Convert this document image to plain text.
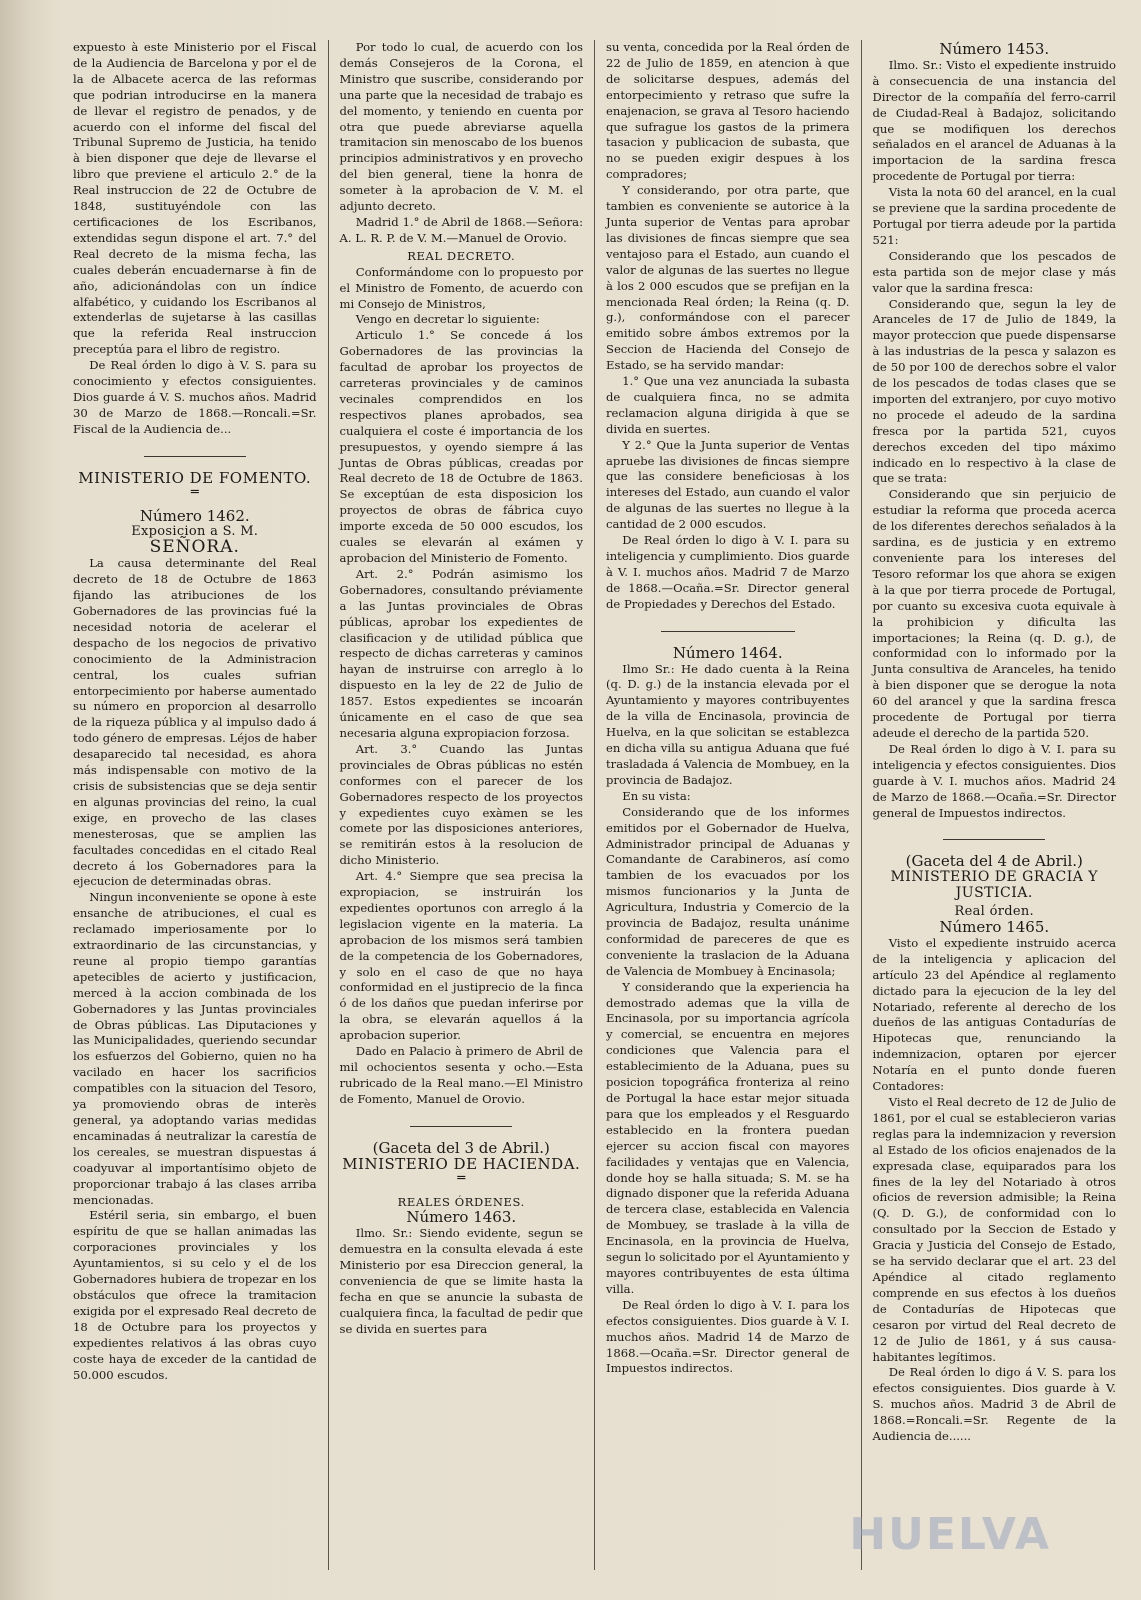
expuesto à este Ministerio por el Fiscal de la Audiencia de Barcelona y por el de la de Albacete acerca de las reformas que podrian introducirse en la manera de llevar el registro de penados, y de acuerdo con el informe del fiscal del Tribunal Supremo de Justicia, ha tenido à bien disponer que deje de llevarse el libro que previene el articulo 2.° de la Real instruccion de 22 de Octubre de 1848, sustituyéndole con las certificaciones de los Escribanos, extendidas segun dispone el art. 7.° del Real decreto de la misma fecha, las cuales deberán encuadernarse à fin de año, adicionándolas con un índice alfabético, y cuidando los Escribanos al extenderlas de sujetarse à las casillas que la referida Real instruccion preceptúa para el libro de registro.

De Real órden lo digo à V. S. para su conocimiento y efectos consiguientes. Dios guarde á V. S. muchos años. Madrid 30 de Marzo de 1868.—Roncali.=Sr. Fiscal de la Audiencia de...

MINISTERIO DE FOMENTO.
═
Número 1462.
Exposicion a S. M.
SEÑORA.

La causa determinante del Real decreto de 18 de Octubre de 1863 fijando las atribuciones de los Gobernadores de las provincias fué la necesidad notoria de acelerar el despacho de los negocios de privativo conocimiento de la Administracion central, los cuales sufrian entorpecimiento por haberse aumentado su número en proporcion al desarrollo de la riqueza pública y al impulso dado á todo género de empresas. Léjos de haber desaparecido tal necesidad, es ahora más indispensable con motivo de la crisis de subsistencias que se deja sentir en algunas provincias del reino, la cual exige, en provecho de las clases menesterosas, que se amplien las facultades concedidas en el citado Real decreto á los Gobernadores para la ejecucion de determinadas obras.

Ningun inconveniente se opone à este ensanche de atribuciones, el cual es reclamado imperiosamente por lo extraordinario de las circunstancias, y reune al propio tiempo garantías apetecibles de acierto y justificacion, merced à la accion combinada de los Gobernadores y las Juntas provinciales de Obras públicas. Las Diputaciones y las Municipalidades, queriendo secundar los esfuerzos del Gobierno, quien no ha vacilado en hacer los sacrificios compatibles con la situacion del Tesoro, ya promoviendo obras de interès general, ya adoptando varias medidas encaminadas á neutralizar la carestía de los cereales, se muestran dispuestas á coadyuvar al importantísimo objeto de proporcionar trabajo á las clases arriba mencionadas.

Estéril seria, sin embargo, el buen espíritu de que se hallan animadas las corporaciones provinciales y los Ayuntamientos, si su celo y el de los Gobernadores hubiera de tropezar en los obstáculos que ofrece la tramitacion exigida por el expresado Real decreto de 18 de Octubre para los proyectos y expedientes relativos á las obras cuyo coste haya de exceder de la cantidad de 50.000 escudos.

Por todo lo cual, de acuerdo con los demás Consejeros de la Corona, el Ministro que suscribe, considerando por una parte que la necesidad de trabajo es del momento, y teniendo en cuenta por otra que puede abreviarse aquella tramitacion sin menoscabo de los buenos principios administrativos y en provecho del bien general, tiene la honra de someter à la aprobacion de V. M. el adjunto decreto.

Madrid 1.° de Abril de 1868.—Señora: A. L. R. P. de V. M.—Manuel de Orovio.

REAL DECRETO.

Conformándome con lo propuesto por el Ministro de Fomento, de acuerdo con mi Consejo de Ministros,

Vengo en decretar lo siguiente:

Articulo 1.° Se concede á los Gobernadores de las provincias la facultad de aprobar los proyectos de carreteras provinciales y de caminos vecinales comprendidos en los respectivos planes aprobados, sea cualquiera el coste é importancia de los presupuestos, y oyendo siempre á las Juntas de Obras públicas, creadas por Real decreto de 18 de Octubre de 1863. Se exceptúan de esta disposicion los proyectos de obras de fábrica cuyo importe exceda de 50 000 escudos, los cuales se elevarán al exámen y aprobacion del Ministerio de Fomento.

Art. 2.° Podrán asimismo los Gobernadores, consultando préviamente a las Juntas provinciales de Obras públicas, aprobar los expedientes de clasificacion y de utilidad pública que respecto de dichas carreteras y caminos hayan de instruirse con arreglo à lo dispuesto en la ley de 22 de Julio de 1857. Estos expedientes se incoarán únicamente en el caso de que sea necesaria alguna expropiacion forzosa.

Art. 3.° Cuando las Juntas provinciales de Obras públicas no estén conformes con el parecer de los Gobernadores respecto de los proyectos y expedientes cuyo exàmen se les comete por las disposiciones anteriores, se remitirán estos à la resolucion de dicho Ministerio.

Art. 4.° Siempre que sea precisa la expropiacion, se instruirán los expedientes oportunos con arreglo á la legislacion vigente en la materia. La aprobacion de los mismos será tambien de la competencia de los Gobernadores, y solo en el caso de que no haya conformidad en el justiprecio de la finca ó de los daños que puedan inferirse por la obra, se elevarán aquellos á la aprobacion superior.

Dado en Palacio à primero de Abril de mil ochocientos sesenta y ocho.—Esta rubricado de la Real mano.—El Ministro de Fomento, Manuel de Orovio.

(Gaceta del 3 de Abril.)
MINISTERIO DE HACIENDA.
═
REALES ÓRDENES.
Número 1463.

Ilmo. Sr.: Siendo evidente, segun se demuestra en la consulta elevada á este Ministerio por esa Direccion general, la conveniencia de que se limite hasta la fecha en que se anuncie la subasta de cualquiera finca, la facultad de pedir que se divida en suertes para

su venta, concedida por la Real órden de 22 de Julio de 1859, en atencion à que de solicitarse despues, además del entorpecimiento y retraso que sufre la enajenacion, se grava al Tesoro haciendo que sufrague los gastos de la primera tasacion y publicacion de subasta, que no se pueden exigir despues à los compradores;

Y considerando, por otra parte, que tambien es conveniente se autorice à la Junta superior de Ventas para aprobar las divisiones de fincas siempre que sea ventajoso para el Estado, aun cuando el valor de algunas de las suertes no llegue à los 2 000 escudos que se prefijan en la mencionada Real órden; la Reina (q. D. g.), conformándose con el parecer emitido sobre ámbos extremos por la Seccion de Hacienda del Consejo de Estado, se ha servido mandar:

1.° Que una vez anunciada la subasta de cualquiera finca, no se admita reclamacion alguna dirigida à que se divida en suertes.

Y 2.° Que la Junta superior de Ventas apruebe las divisiones de fincas siempre que las considere beneficiosas à los intereses del Estado, aun cuando el valor de algunas de las suertes no llegue à la cantidad de 2 000 escudos.

De Real órden lo digo à V. I. para su inteligencia y cumplimiento. Dios guarde à V. I. muchos años. Madrid 7 de Marzo de 1868.—Ocaña.=Sr. Director general de Propiedades y Derechos del Estado.

Número 1464.

Ilmo Sr.: He dado cuenta à la Reina (q. D. g.) de la instancia elevada por el Ayuntamiento y mayores contribuyentes de la villa de Encinasola, provincia de Huelva, en la que solicitan se establezca en dicha villa su antigua Aduana que fué trasladada á Valencia de Mombuey, en la provincia de Badajoz.

En su vista:

Considerando que de los informes emitidos por el Gobernador de Huelva, Administrador principal de Aduanas y Comandante de Carabineros, así como tambien de los evacuados por los mismos funcionarios y la Junta de Agricultura, Industria y Comercio de la provincia de Badajoz, resulta unánime conformidad de pareceres de que es conveniente la traslacion de la Aduana de Valencia de Mombuey à Encinasola;

Y considerando que la experiencia ha demostrado ademas que la villa de Encinasola, por su importancia agrícola y comercial, se encuentra en mejores condiciones que Valencia para el establecimiento de la Aduana, pues su posicion topográfica fronteriza al reino de Portugal la hace estar mejor situada para que los empleados y el Resguardo establecido en la frontera puedan ejercer su accion fiscal con mayores facilidades y ventajas que en Valencia, donde hoy se halla situada; S. M. se ha dignado disponer que la referida Aduana de tercera clase, establecida en Valencia de Mombuey, se traslade à la villa de Encinasola, en la provincia de Huelva, segun lo solicitado por el Ayuntamiento y mayores contribuyentes de esta última villa.

De Real órden lo digo à V. I. para los efectos consiguientes. Dios guarde à V. I. muchos años. Madrid 14 de Marzo de 1868.—Ocaña.=Sr. Director general de Impuestos indirectos.

Número 1453.

Ilmo. Sr.: Visto el expediente instruido à consecuencia de una instancia del Director de la compañía del ferro-carril de Ciudad-Real à Badajoz, solicitando que se modifiquen los derechos señalados en el arancel de Aduanas à la importacion de la sardina fresca procedente de Portugal por tierra:

Vista la nota 60 del arancel, en la cual se previene que la sardina procedente de Portugal por tierra adeude por la partida 521:

Considerando que los pescados de esta partida son de mejor clase y más valor que la sardina fresca:

Considerando que, segun la ley de Aranceles de 17 de Julio de 1849, la mayor proteccion que puede dispensarse à las industrias de la pesca y salazon es de 50 por 100 de derechos sobre el valor de los pescados de todas clases que se importen del extranjero, por cuyo motivo no procede el adeudo de la sardina fresca por la partida 521, cuyos derechos exceden del tipo máximo indicado en lo respectivo à la clase de que se trata:

Considerando que sin perjuicio de estudiar la reforma que proceda acerca de los diferentes derechos señalados à la sardina, es de justicia y en extremo conveniente para los intereses del Tesoro reformar los que ahora se exigen à la que por tierra procede de Portugal, por cuanto su excesiva cuota equivale à la prohibicion y dificulta las importaciones; la Reina (q. D. g.), de conformidad con lo informado por la Junta consultiva de Aranceles, ha tenido à bien disponer que se derogue la nota 60 del arancel y que la sardina fresca procedente de Portugal por tierra adeude el derecho de la partida 520.

De Real órden lo digo à V. I. para su inteligencia y efectos consiguientes. Dios guarde à V. I. muchos años. Madrid 24 de Marzo de 1868.—Ocaña.=Sr. Director general de Impuestos indirectos.

(Gaceta del 4 de Abril.)
MINISTERIO DE GRACIA Y JUSTICIA.
Real órden.
Número 1465.

Visto el expediente instruido acerca de la inteligencia y aplicacion del artículo 23 del Apéndice al reglamento dictado para la ejecucion de la ley del Notariado, referente al derecho de los dueños de las antiguas Contadurías de Hipotecas que, renunciando la indemnizacion, optaren por ejercer Notaría en el punto donde fueren Contadores:

Visto el Real decreto de 12 de Julio de 1861, por el cual se establecieron varias reglas para la indemnizacion y reversion al Estado de los oficios enajenados de la expresada clase, equiparados para los fines de la ley del Notariado à otros oficios de reversion admisible; la Reina (Q. D. G.), de conformidad con lo consultado por la Seccion de Estado y Gracia y Justicia del Consejo de Estado, se ha servido declarar que el art. 23 del Apéndice al citado reglamento comprende en sus efectos à los dueños de Contadurías de Hipotecas que cesaron por virtud del Real decreto de 12 de Julio de 1861, y á sus causa-habitantes legítimos.

De Real órden lo digo á V. S. para los efectos consiguientes. Dios guarde à V. S. muchos años. Madrid 3 de Abril de 1868.=Roncali.=Sr. Regente de la Audiencia de......

HUELVA
